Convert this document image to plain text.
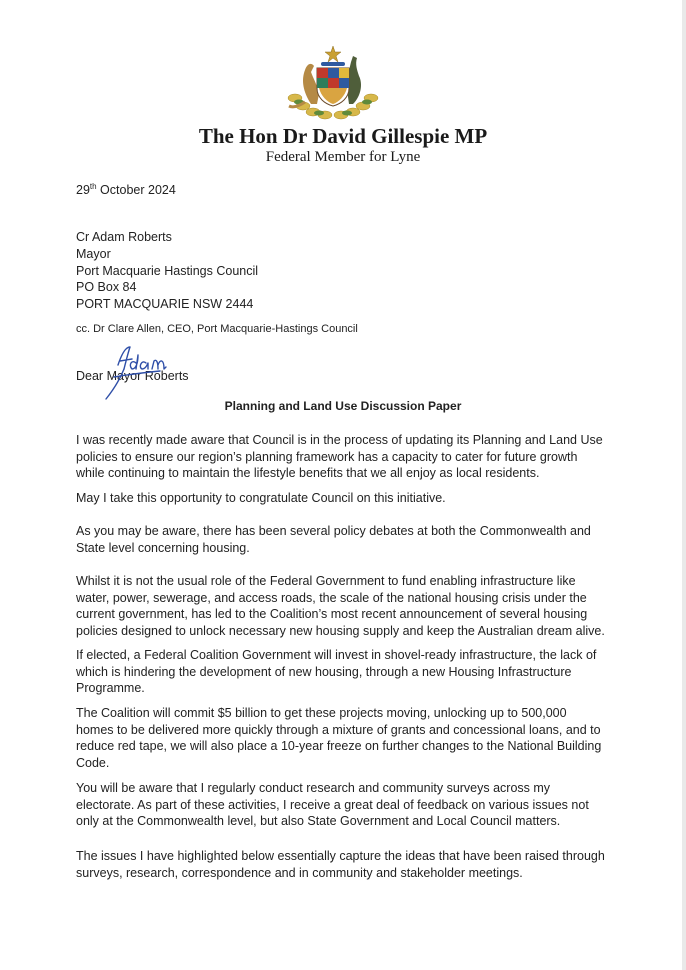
The Hon Dr David Gillespie MP
Federal Member for Lyne
29th October 2024
Cr Adam Roberts
Mayor
Port Macquarie Hastings Council
PO Box 84
PORT MACQUARIE NSW 2444
cc. Dr Clare Allen, CEO, Port Macquarie-Hastings Council
Dear Mayor Roberts
Planning and Land Use Discussion Paper
I was recently made aware that Council is in the process of updating its Planning and Land Use
policies to ensure our region’s planning framework has a capacity to cater for future growth
while continuing to maintain the lifestyle benefits that we all enjoy as local residents.
May I take this opportunity to congratulate Council on this initiative.
As you may be aware, there has been several policy debates at both the Commonwealth and
State level concerning housing.
Whilst it is not the usual role of the Federal Government to fund enabling infrastructure like
water, power, sewerage, and access roads, the scale of the national housing crisis under the
current government, has led to the Coalition’s most recent announcement of several housing
policies designed to unlock necessary new housing supply and keep the Australian dream alive.
If elected, a Federal Coalition Government will invest in shovel-ready infrastructure, the lack of
which is hindering the development of new housing, through a new Housing Infrastructure
Programme.
The Coalition will commit $5 billion to get these projects moving, unlocking up to 500,000
homes to be delivered more quickly through a mixture of grants and concessional loans, and to
reduce red tape, we will also place a 10-year freeze on further changes to the National Building
Code.
You will be aware that I regularly conduct research and community surveys across my
electorate. As part of these activities, I receive a great deal of feedback on various issues not
only at the Commonwealth level, but also State Government and Local Council matters.
The issues I have highlighted below essentially capture the ideas that have been raised through
surveys, research, correspondence and in community and stakeholder meetings.
